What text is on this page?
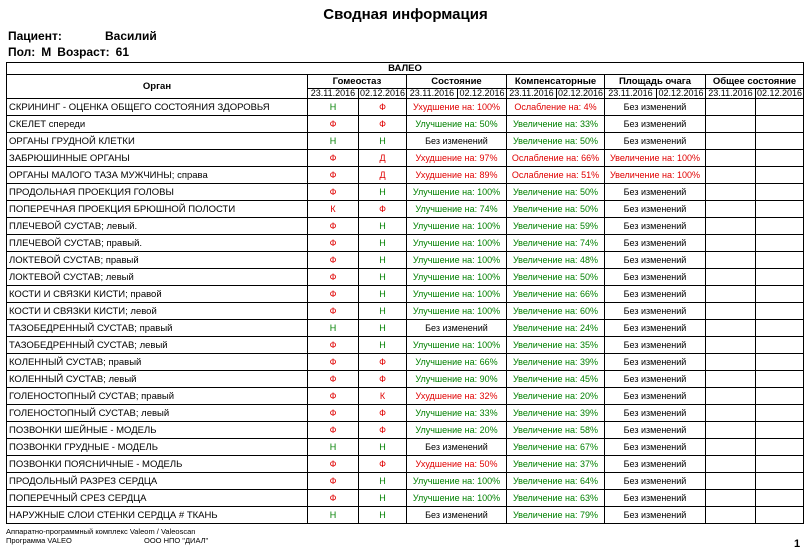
Сводная информация
Пациент:	Василий
Пол: М Возраст: 61
ВАЛЕО										
Орган	Гомеостаз		Состояние		Компенсаторные		Площадь очага		Общее состояние	
	23.11.2016	02.12.2016	23.11.2016	02.12.2016	23.11.2016	02.12.2016	23.11.2016	02.12.2016	23.11.2016	02.12.2016
СКРИНИНГ - ОЦЕНКА ОБЩЕГО СОСТОЯНИЯ ЗДОРОВЬЯ	Н	Ф	Ухудшение на: 100%		Ослабление на: 4%		Без изменений			
СКЕЛЕТ спереди	Ф	Ф	Улучшение на: 50%		Увеличение на: 33%		Без изменений			
ОРГАНЫ ГРУДНОЙ КЛЕТКИ	Н	Н	Без изменений		Увеличение на: 50%		Без изменений			
ЗАБРЮШИННЫЕ ОРГАНЫ	Ф	Д	Ухудшение на: 97%		Ослабление на: 66%		Увеличение на: 100%			
ОРГАНЫ МАЛОГО ТАЗА МУЖЧИНЫ; справа	Ф	Д	Ухудшение на: 89%		Ослабление на: 51%		Увеличение на: 100%			
ПРОДОЛЬНАЯ ПРОЕКЦИЯ ГОЛОВЫ	Ф	Н	Улучшение на: 100%		Увеличение на: 50%		Без изменений			
ПОПЕРЕЧНАЯ ПРОЕКЦИЯ БРЮШНОЙ ПОЛОСТИ	К	Ф	Улучшение на: 74%		Увеличение на: 50%		Без изменений			
ПЛЕЧЕВОЙ СУСТАВ; левый.	Ф	Н	Улучшение на: 100%		Увеличение на: 59%		Без изменений			
ПЛЕЧЕВОЙ СУСТАВ; правый.	Ф	Н	Улучшение на: 100%		Увеличение на: 74%		Без изменений			
ЛОКТЕВОЙ СУСТАВ; правый	Ф	Н	Улучшение на: 100%		Увеличение на: 48%		Без изменений			
ЛОКТЕВОЙ СУСТАВ; левый	Ф	Н	Улучшение на: 100%		Увеличение на: 50%		Без изменений			
КОСТИ И СВЯЗКИ КИСТИ; правой	Ф	Н	Улучшение на: 100%		Увеличение на: 66%		Без изменений			
КОСТИ И СВЯЗКИ КИСТИ; левой	Ф	Н	Улучшение на: 100%		Увеличение на: 60%		Без изменений			
ТАЗОБЕДРЕННЫЙ СУСТАВ; правый	Н	Н	Без изменений		Увеличение на: 24%		Без изменений			
ТАЗОБЕДРЕННЫЙ СУСТАВ; левый	Ф	Н	Улучшение на: 100%		Увеличение на: 35%		Без изменений			
КОЛЕННЫЙ СУСТАВ; правый	Ф	Ф	Улучшение на: 66%		Увеличение на: 39%		Без изменений			
КОЛЕННЫЙ СУСТАВ; левый	Ф	Ф	Улучшение на: 90%		Увеличение на: 45%		Без изменений			
ГОЛЕНОСТОПНЫЙ СУСТАВ; правый	Ф	К	Ухудшение на: 32%		Увеличение на: 20%		Без изменений			
ГОЛЕНОСТОПНЫЙ СУСТАВ; левый	Ф	Ф	Улучшение на: 33%		Увеличение на: 39%		Без изменений			
ПОЗВОНКИ ШЕЙНЫЕ - МОДЕЛЬ	Ф	Ф	Улучшение на: 20%		Увеличение на: 58%		Без изменений			
ПОЗВОНКИ ГРУДНЫЕ - МОДЕЛЬ	Н	Н	Без изменений		Увеличение на: 67%		Без изменений			
ПОЗВОНКИ ПОЯСНИЧНЫЕ - МОДЕЛЬ	Ф	Ф	Ухудшение на: 50%		Увеличение на: 37%		Без изменений			
ПРОДОЛЬНЫЙ РАЗРЕЗ СЕРДЦА	Ф	Н	Улучшение на: 100%		Увеличение на: 64%		Без изменений			
ПОПЕРЕЧНЫЙ СРЕЗ СЕРДЦА	Ф	Н	Улучшение на: 100%		Увеличение на: 63%		Без изменений			
НАРУЖНЫЕ СЛОИ СТЕНКИ СЕРДЦА # ТКАНЬ	Н	Н	Без изменений		Увеличение на: 79%		Без изменений			
Аппаратно-программный комплекс Valeom / Valeoscan
Программа VALEO	ООО НПО "ДИАЛ"	1
